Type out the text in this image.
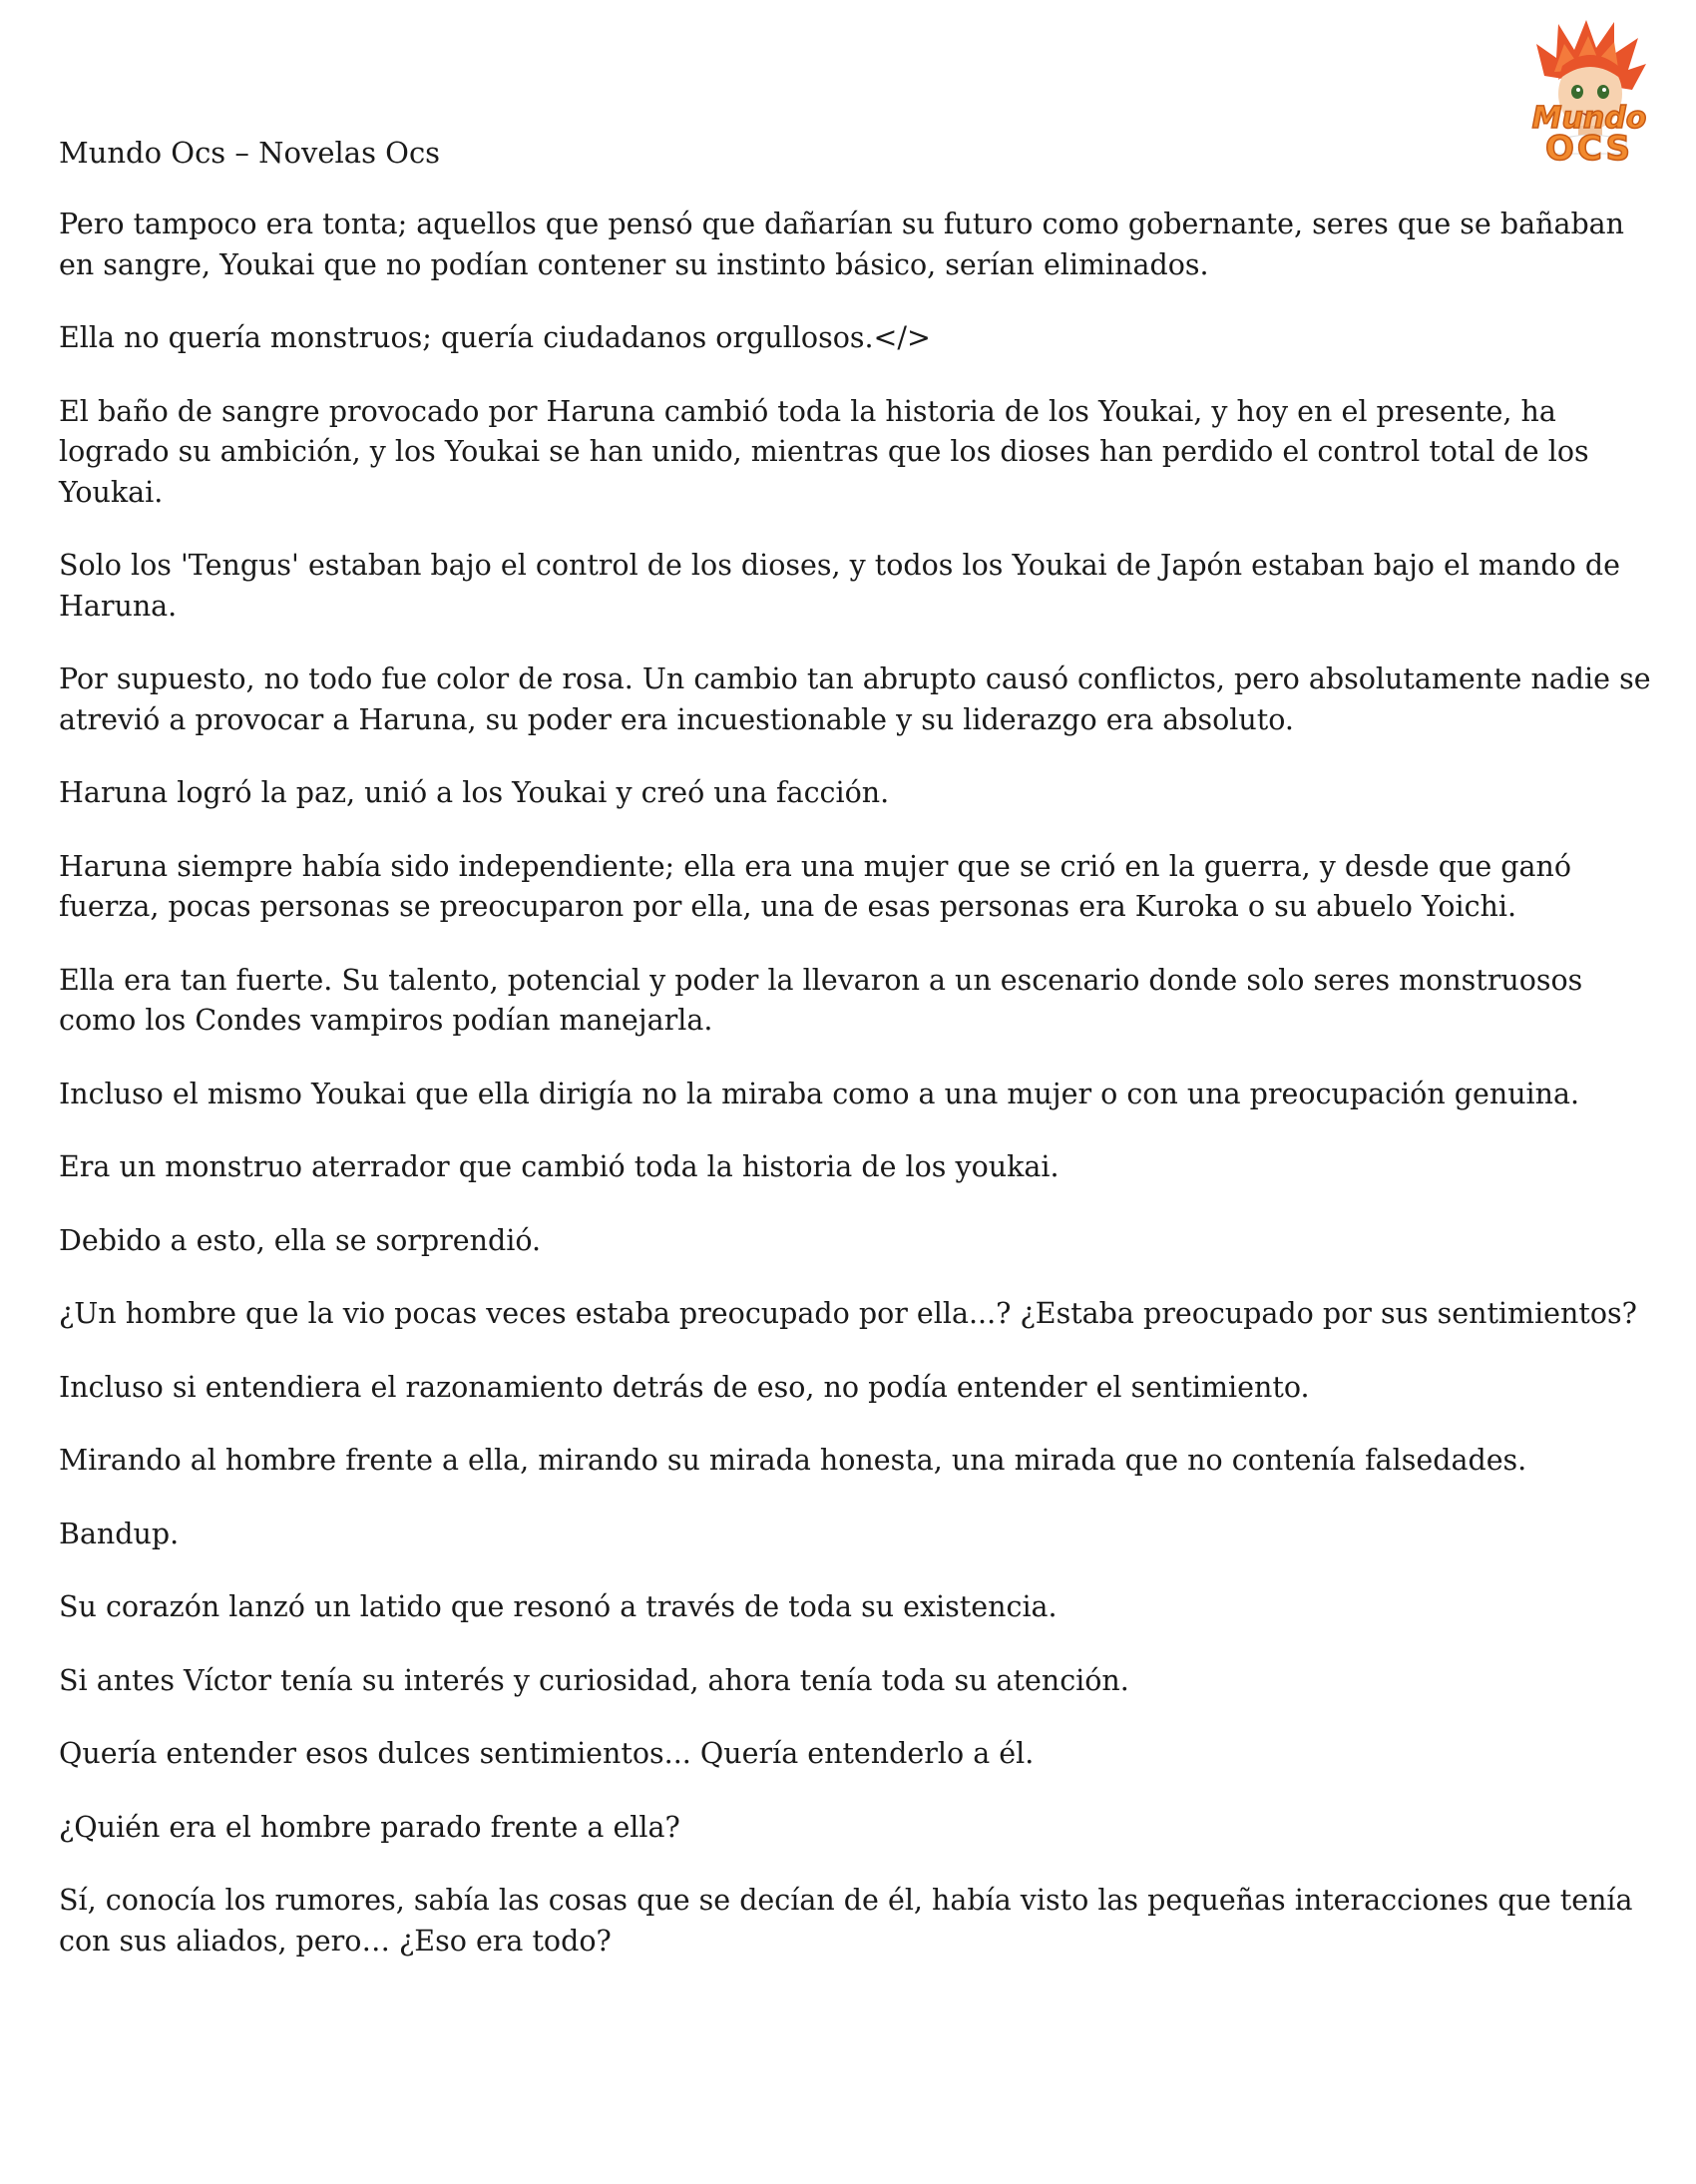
Mundo Ocs – Novelas Ocs
Mundo
OCS

Pero tampoco era tonta; aquellos que pensó que dañarían su futuro como gobernante, seres que se bañaban en sangre, Youkai que no podían contener su instinto básico, serían eliminados.

Ella no quería monstruos; quería ciudadanos orgullosos.</>

El baño de sangre provocado por Haruna cambió toda la historia de los Youkai, y hoy en el presente, ha logrado su ambición, y los Youkai se han unido, mientras que los dioses han perdido el control total de los Youkai.

Solo los 'Tengus' estaban bajo el control de los dioses, y todos los Youkai de Japón estaban bajo el mando de Haruna.

Por supuesto, no todo fue color de rosa. Un cambio tan abrupto causó conflictos, pero absolutamente nadie se atrevió a provocar a Haruna, su poder era incuestionable y su liderazgo era absoluto.

Haruna logró la paz, unió a los Youkai y creó una facción.

Haruna siempre había sido independiente; ella era una mujer que se crió en la guerra, y desde que ganó fuerza, pocas personas se preocuparon por ella, una de esas personas era Kuroka o su abuelo Yoichi.

Ella era tan fuerte. Su talento, potencial y poder la llevaron a un escenario donde solo seres monstruosos como los Condes vampiros podían manejarla.

Incluso el mismo Youkai que ella dirigía no la miraba como a una mujer o con una preocupación genuina.

Era un monstruo aterrador que cambió toda la historia de los youkai.

Debido a esto, ella se sorprendió.

¿Un hombre que la vio pocas veces estaba preocupado por ella...? ¿Estaba preocupado por sus sentimientos?

Incluso si entendiera el razonamiento detrás de eso, no podía entender el sentimiento.

Mirando al hombre frente a ella, mirando su mirada honesta, una mirada que no contenía falsedades.

Bandup.

Su corazón lanzó un latido que resonó a través de toda su existencia.

Si antes Víctor tenía su interés y curiosidad, ahora tenía toda su atención.

Quería entender esos dulces sentimientos... Quería entenderlo a él.

¿Quién era el hombre parado frente a ella?

Sí, conocía los rumores, sabía las cosas que se decían de él, había visto las pequeñas interacciones que tenía con sus aliados, pero… ¿Eso era todo?
